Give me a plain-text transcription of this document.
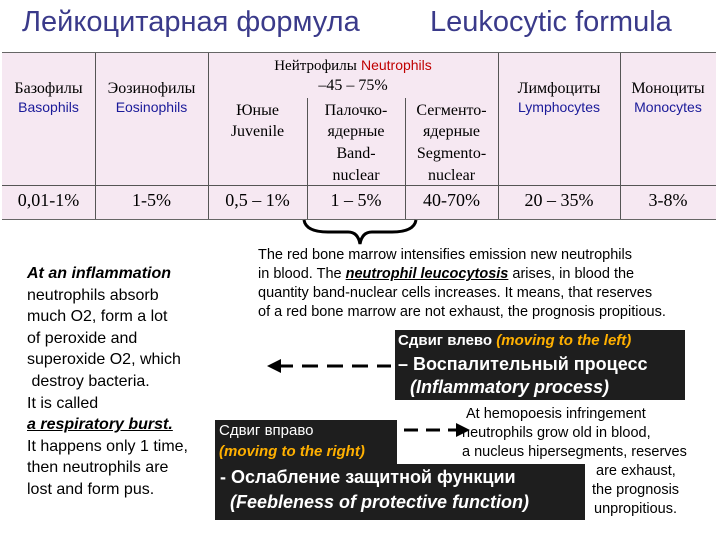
Лейкоцитарная формула Leukocytic formula
Базофилы
Basophils
0,01-1%
Эозинофилы
Eosinophils
1-5%
Нейтрофилы Neutrophils
–45 – 75%
Юные
Juvenile
0,5 – 1%
Палочко-
ядерные
Band-
nuclear
1 – 5%
Сегменто-
ядерные
Segmento-
nuclear
40-70%
Лимфоциты
Lymphocytes
20 – 35%
Моноциты
Monocytes
3-8%
The red bone marrow intensifies emission new neutrophils
in blood. The neutrophil leucocytosis arises, in blood the
quantity band-nuclear cells increases. It means, that reserves
of a red bone marrow are not exhaust, the prognosis propitious.
Сдвиг влево (moving to the left)
– Воспалительный процесс
(Inflammatory process)
At an inflammation
neutrophils absorb
much O2, form a lot
of peroxide and
superoxide O2, which
destroy bacteria.
It is called
a respiratory burst.
It happens only 1 time,
then neutrophils are
lost and form pus.
Сдвиг вправо
(moving to the right)
- Ослабление защитной функции
(Feebleness of protective function)
At hemopoesis infringement
neutrophils grow old in blood,
a nucleus hipersegments, reserves
are exhaust,
the prognosis
unpropitious.
